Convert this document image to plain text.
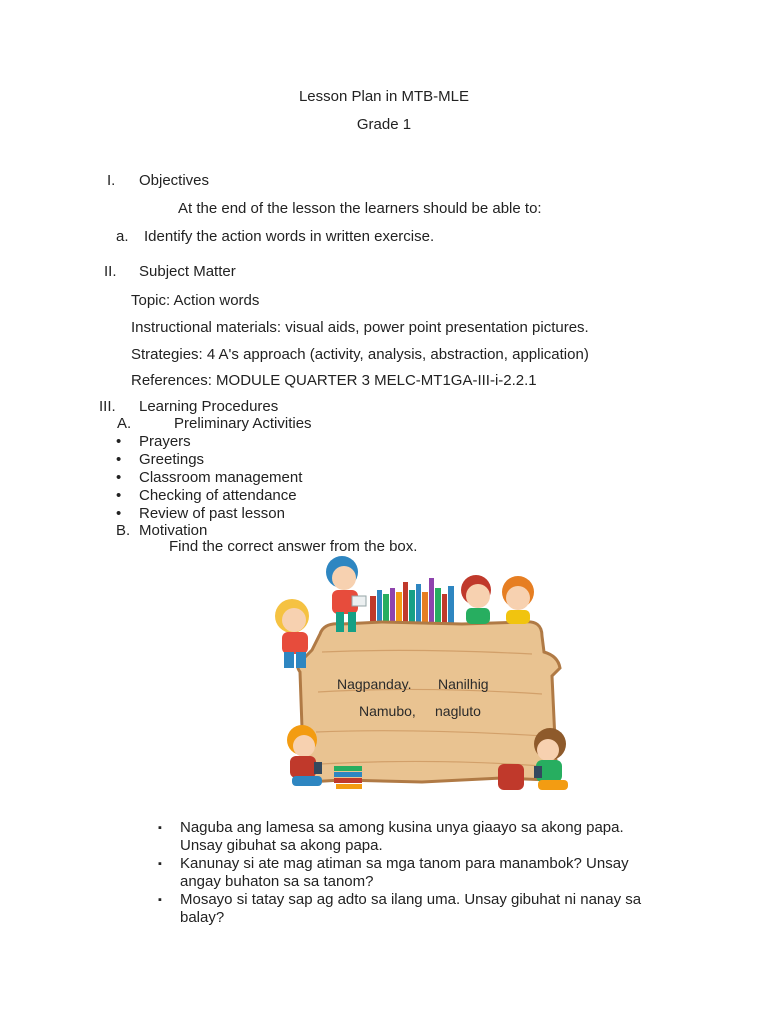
Lesson Plan in MTB-MLE
Grade 1
I. Objectives
At the end of the lesson the learners should be able to:
a. Identify the action words in written exercise.
II. Subject Matter
Topic: Action words
Instructional materials: visual aids, power point presentation pictures.
Strategies: 4 A's approach (activity, analysis, abstraction, application)
References: MODULE QUARTER 3 MELC-MT1GA-III-i-2.2.1
III. Learning Procedures
A.	Preliminary Activities
• Prayers
• Greetings
• Classroom management
• Checking of attendance
• Review of past lesson
B. Motivation
Find the correct answer from the box.
Nagpanday. Nanilhig
Namubo, nagluto
▪ Naguba ang lamesa sa among kusina unya giaayo sa akong papa.
Unsay gibuhat sa akong papa.
▪ Kanunay si ate mag atiman sa mga tanom para manambok? Unsay
angay buhaton sa sa tanom?
▪ Mosayo si tatay sap ag adto sa ilang uma. Unsay gibuhat ni nanay sa
balay?
